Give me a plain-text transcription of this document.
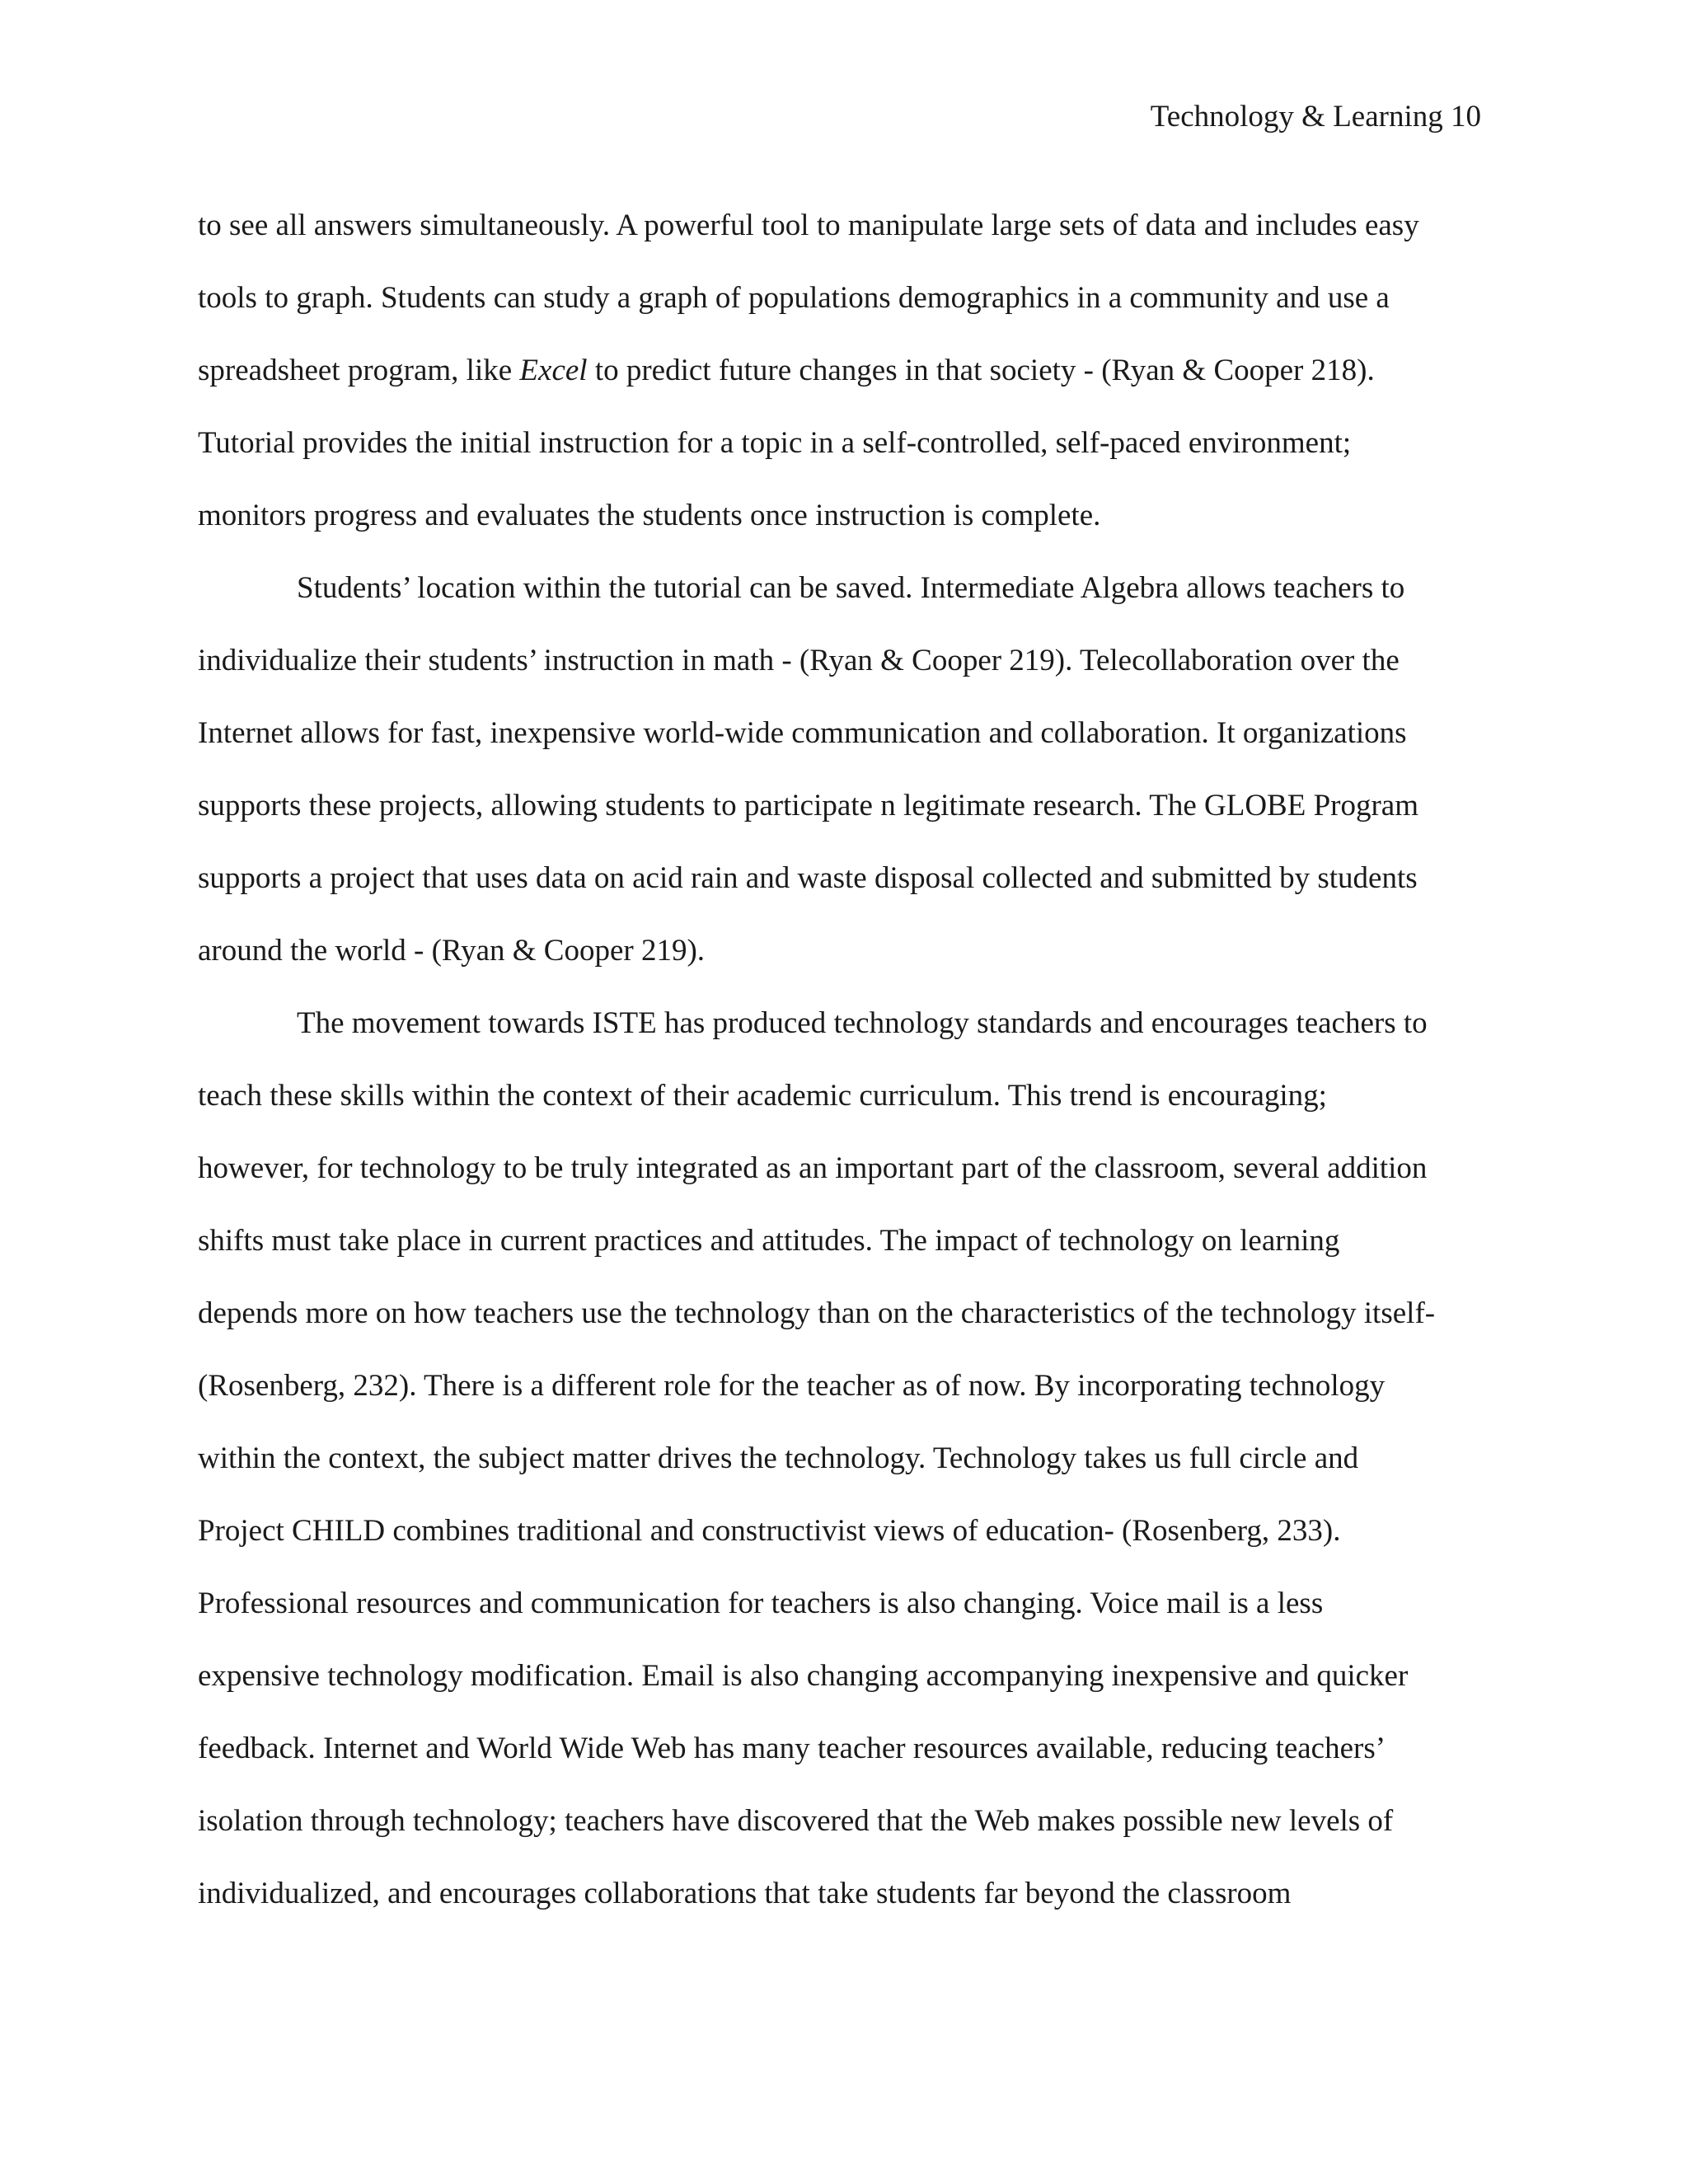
Technology & Learning 10
to see all answers simultaneously. A powerful tool to manipulate large sets of data and includes easy
tools to graph. Students can study a graph of populations demographics in a community and use a
spreadsheet program, like Excel to predict future changes in that society - (Ryan & Cooper 218).
Tutorial provides the initial instruction for a topic in a self-controlled, self-paced environment;
monitors progress and evaluates the students once instruction is complete.
Students’ location within the tutorial can be saved. Intermediate Algebra allows teachers to
individualize their students’ instruction in math - (Ryan & Cooper 219). Telecollaboration over the
Internet allows for fast, inexpensive world-wide communication and collaboration. It organizations
supports these projects, allowing students to participate n legitimate research. The GLOBE Program
supports a project that uses data on acid rain and waste disposal collected and submitted by students
around the world - (Ryan & Cooper 219).
The movement towards ISTE has produced technology standards and encourages teachers to
teach these skills within the context of their academic curriculum. This trend is encouraging;
however, for technology to be truly integrated as an important part of the classroom, several addition
shifts must take place in current practices and attitudes. The impact of technology on learning
depends more on how teachers use the technology than on the characteristics of the technology itself-
(Rosenberg, 232). There is a different role for the teacher as of now. By incorporating technology
within the context, the subject matter drives the technology. Technology takes us full circle and
Project CHILD combines traditional and constructivist views of education- (Rosenberg, 233).
Professional resources and communication for teachers is also changing. Voice mail is a less
expensive technology modification. Email is also changing accompanying inexpensive and quicker
feedback. Internet and World Wide Web has many teacher resources available, reducing teachers’
isolation through technology; teachers have discovered that the Web makes possible new levels of
individualized, and encourages collaborations that take students far beyond the classroom
